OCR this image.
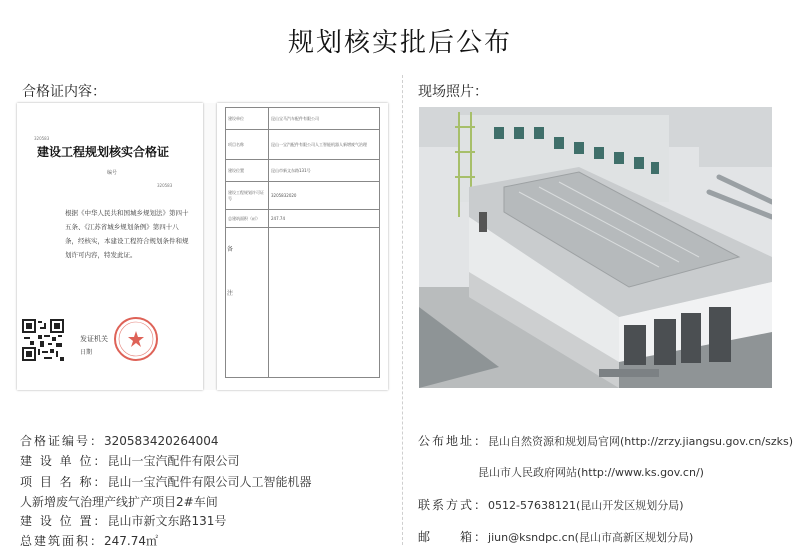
规划核实批后公布
合格证内容：
320583
建设工程规划核实合格证
编号
320583
根据《中华人民共和国城乡规划法》第四十五条、《江苏省城乡规划条例》第四十八条，经核实，本建设工程符合规划条件和规划许可内容，特发此证。
发证机关
日期
建设单位	昆山宝马汽车配件有限公司
项目名称	昆山一宝汽配件有限公司人工智能机器人新增废气治理
建设位置	昆山市新文东路131号
建设工程规划许可证号	3205832020
总建筑面积（㎡）	247.74

备注
合格证编号：320583420264004
建 设 单 位：昆山一宝汽配件有限公司
项 目 名 称：昆山一宝汽配件有限公司人工智能机器人新增废气治理产线扩产项目2#车间
建 设 位 置：昆山市新文东路131号
总建筑面积：247.74㎡
现场照片：
公布地址：昆山自然资源和规划局官网(http://zrzy.jiangsu.gov.cn/szks)
昆山市人民政府网站(http://www.ks.gov.cn/)
联系方式：0512-57638121(昆山开发区规划分局)
邮　　箱：jiun@ksndpc.cn(昆山市高新区规划分局)
